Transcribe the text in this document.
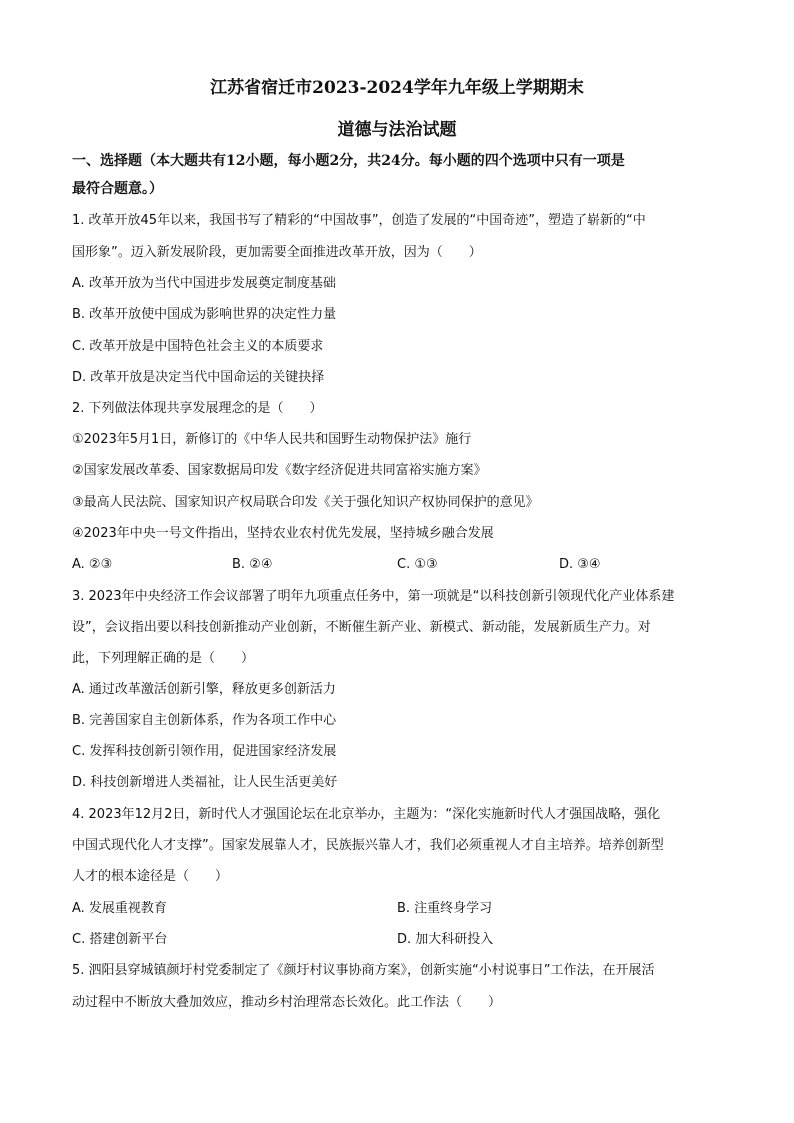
江苏省宿迁市2023-2024学年九年级上学期期末
道德与法治试题
一、选择题（本大题共有12小题，每小题2分，共24分。每小题的四个选项中只有一项是
最符合题意。）
1. 改革开放45年以来，我国书写了精彩的“中国故事”，创造了发展的“中国奇迹”，塑造了崭新的“中
国形象”。迈入新发展阶段，更加需要全面推进改革开放，因为（　　）
A. 改革开放为当代中国进步发展奠定制度基础
B. 改革开放使中国成为影响世界的决定性力量
C. 改革开放是中国特色社会主义的本质要求
D. 改革开放是决定当代中国命运的关键抉择
2. 下列做法体现共享发展理念的是（　　）
①2023年5月1日，新修订的《中华人民共和国野生动物保护法》施行
②国家发展改革委、国家数据局印发《数字经济促进共同富裕实施方案》
③最高人民法院、国家知识产权局联合印发《关于强化知识产权协同保护的意见》
④2023年中央一号文件指出，坚持农业农村优先发展，坚持城乡融合发展
A. ②③	B. ②④	C. ①③	D. ③④
3. 2023年中央经济工作会议部署了明年九项重点任务中，第一项就是“以科技创新引领现代化产业体系建
设”，会议指出要以科技创新推动产业创新，不断催生新产业、新模式、新动能，发展新质生产力。对
此，下列理解正确的是（　　）
A. 通过改革激活创新引擎，释放更多创新活力
B. 完善国家自主创新体系，作为各项工作中心
C. 发挥科技创新引领作用，促进国家经济发展
D. 科技创新增进人类福祉，让人民生活更美好
4. 2023年12月2日，新时代人才强国论坛在北京举办，主题为：“深化实施新时代人才强国战略，强化
中国式现代化人才支撑”。国家发展靠人才，民族振兴靠人才，我们必须重视人才自主培养。培养创新型
人才的根本途径是（　　）
A. 发展重视教育	B. 注重终身学习
C. 搭建创新平台	D. 加大科研投入
5. 泗阳县穿城镇颜圩村党委制定了《颜圩村议事协商方案》，创新实施“小村说事日”工作法，在开展活
动过程中不断放大叠加效应，推动乡村治理常态长效化。此工作法（　　）
